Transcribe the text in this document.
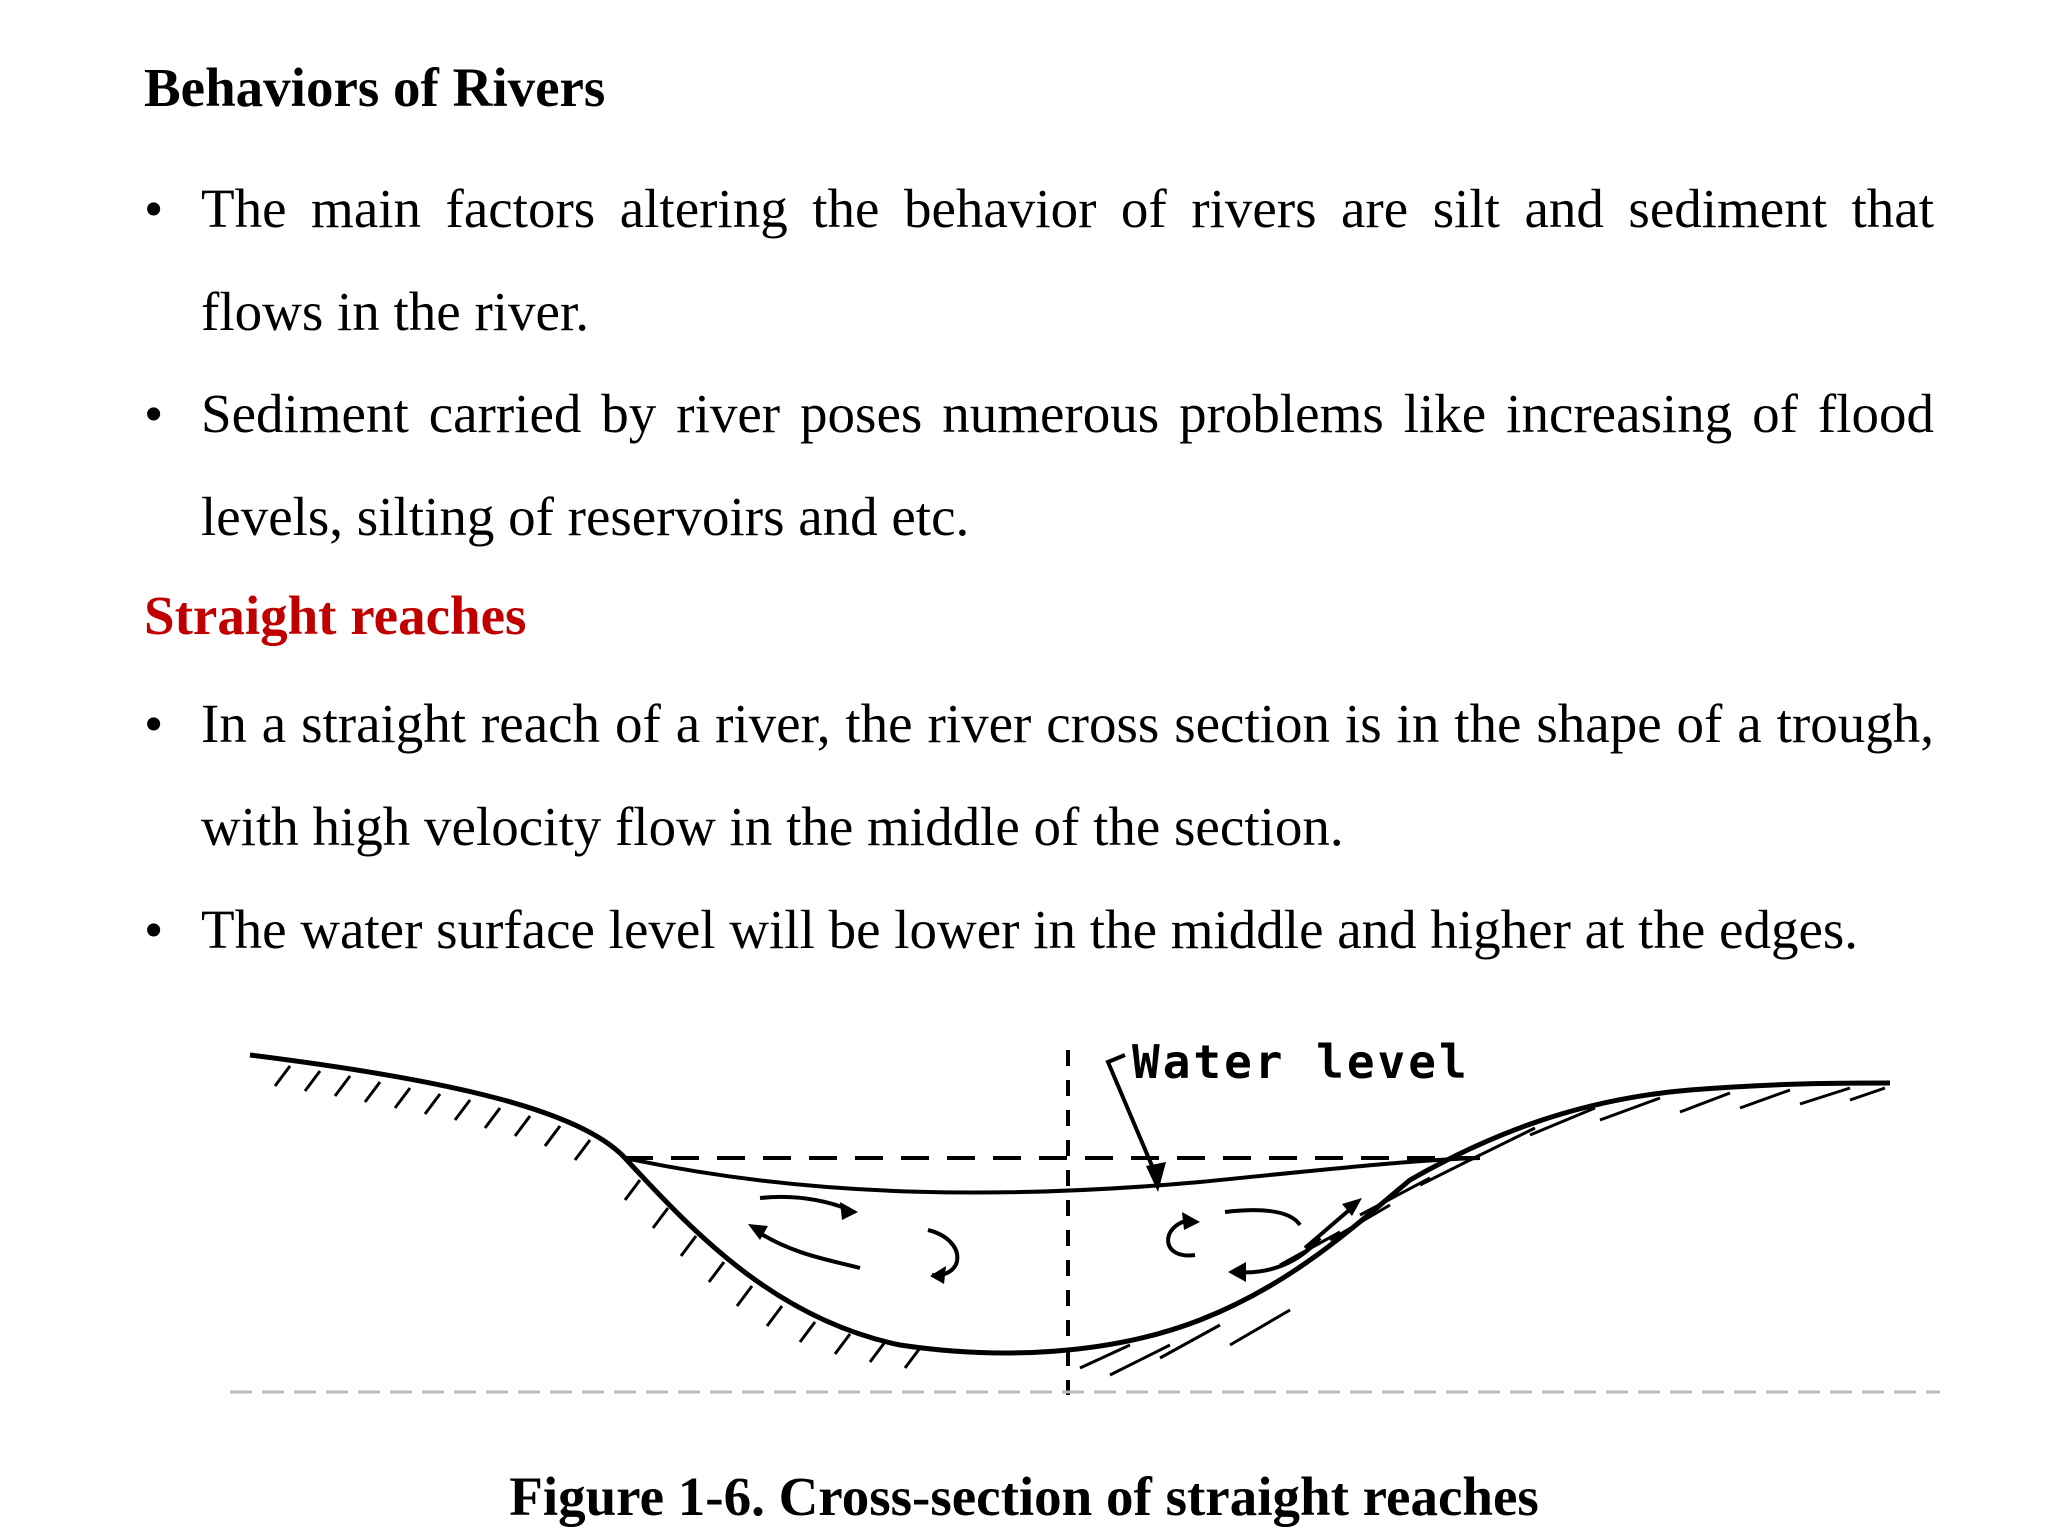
Behaviors of Rivers
• The main factors altering the behavior of rivers are silt and sediment that flows in the river.
• Sediment carried by river poses numerous problems like increasing of flood levels, silting of reservoirs and etc.
Straight reaches
• In a straight reach of a river, the river cross section is in the shape of a trough, with high velocity flow in the middle of the section.
• The water surface level will be lower in the middle and higher at the edges.
Water level
Figure 1-6. Cross-section of straight reaches
